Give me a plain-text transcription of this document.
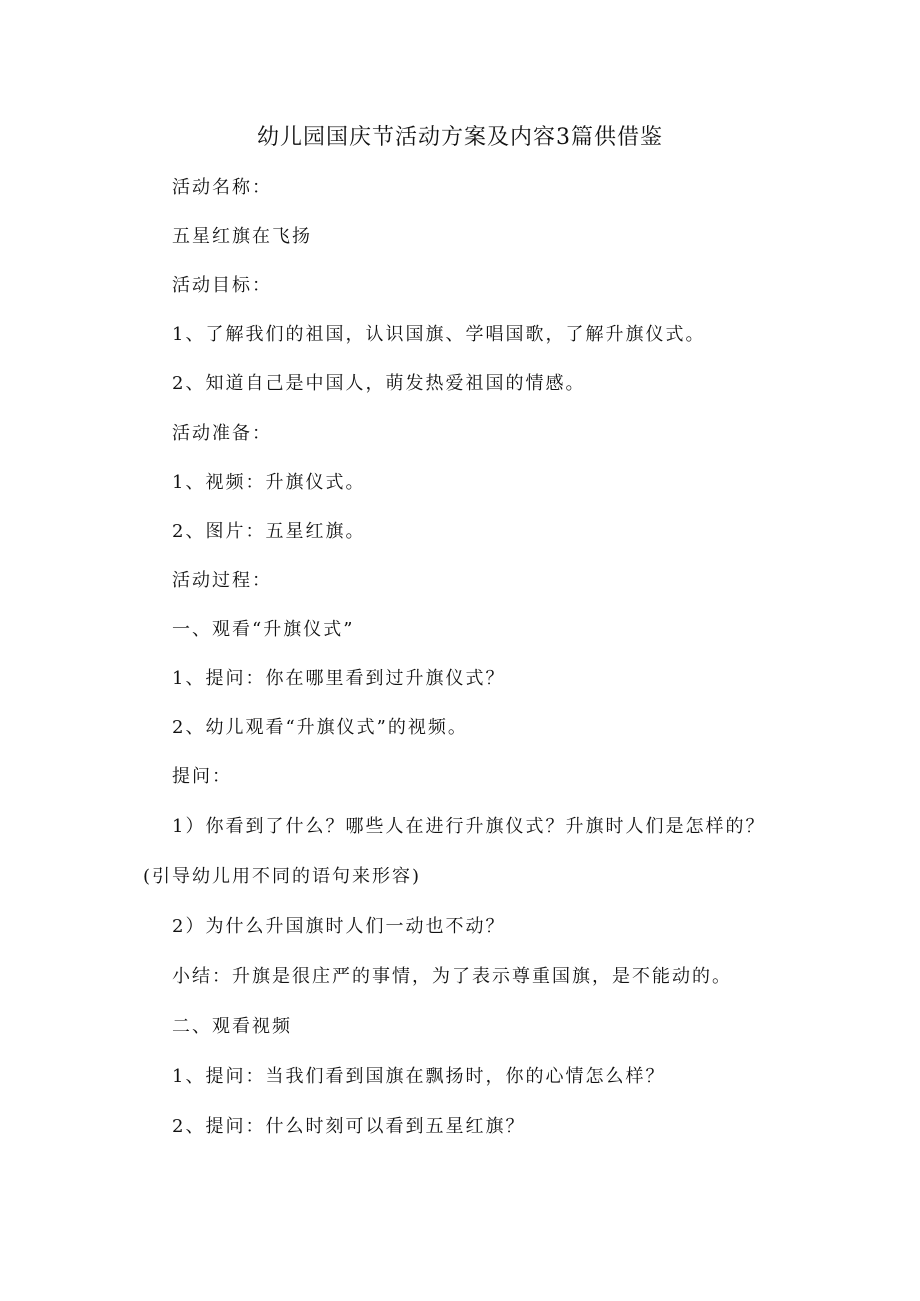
幼儿园国庆节活动方案及内容3篇供借鉴
活动名称：
五星红旗在飞扬
活动目标：
1、了解我们的祖国，认识国旗、学唱国歌，了解升旗仪式。
2、知道自己是中国人，萌发热爱祖国的情感。
活动准备：
1、视频：升旗仪式。
2、图片：五星红旗。
活动过程：
一、观看“升旗仪式”
1、提问：你在哪里看到过升旗仪式？
2、幼儿观看“升旗仪式”的视频。
提问：
1）你看到了什么？哪些人在进行升旗仪式？升旗时人们是怎样的？
(引导幼儿用不同的语句来形容)
2）为什么升国旗时人们一动也不动？
小结：升旗是很庄严的事情，为了表示尊重国旗，是不能动的。
二、观看视频
1、提问：当我们看到国旗在飘扬时，你的心情怎么样？
2、提问：什么时刻可以看到五星红旗？
